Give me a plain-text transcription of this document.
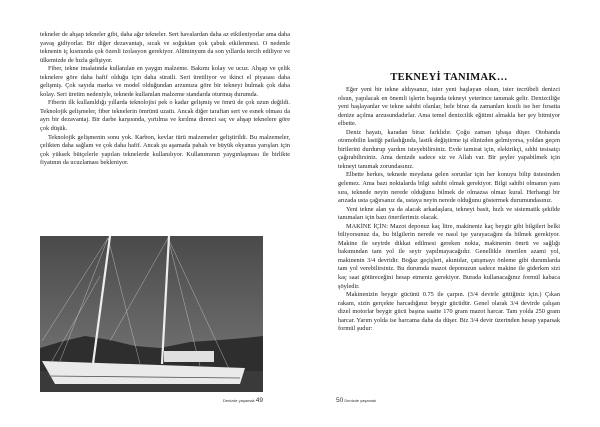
tekneler de ahşap tekneler gibi, daha ağır tekneler. Sert havalardan daha az etkileniyorlar ama daha yavaş gidiyorlar. Bir diğer dezavantajı, sıcak ve soğuktan çok çabuk etkilenmesi. O nedenle teknenin iç kısmında çok özenli izolasyon gerekiyor. Alüminyum da son yıllarda tercih ediliyor ve ülkemizde de hızla gelişiyor.

Fiber, tekne imalatında kullanılan en yaygın malzeme. Bakımı kolay ve ucuz. Ahşap ve çelik teknelere göre daha hafif olduğu için daha süratli. Seri üretiliyor ve ikinci el piyasası daha gelişmiş. Çok sayıda marka ve model olduğundan arzunuza göre bir tekneyi bulmak çok daha kolay. Seri üretim nedeniyle, teknede kullanılan malzeme standarda oturmuş durumda.

Fiberin ilk kullanıldığı yıllarda teknolojisi pek o kadar gelişmiş ve ömrü de çok uzun değildi. Teknolojik gelişmeler, fiber teknelerin ömrünü uzattı. Ancak diğer taraftan sert ve esnek olması da ayrı bir dezavantaj. Bir darbe karşısında, yırtılma ve kırılma direnci saç ve ahşap teknelere göre çok düşük.

Teknolojik gelişmenin sonu yok. Karbon, kevlar türü malzemeler geliştirildi. Bu malzemeler, çelikten daha sağlam ve çok daha hafif. Ancak şu aşamada pahalı ve büyük okyanus yarışları için çok yüksek bütçelerle yapılan teknelerde kullanılıyor. Kullanımının yaygınlaşması ile birlikte fiyatının da ucuzlaması bekleniyor.

Denizde yaşamak 49
TEKNEYİ TANIMAK…

Eğer yeni bir tekne aldıysanız, ister yeni başlayan olsun, ister tecrübeli denizci olsun, yapılacak en önemli işlerin başında tekneyi yeterince tanımak gelir. Denizciliğe yeni başlayanlar ve tekne sahibi olanlar, hele biraz da zamanları kısıtlı ise her fırsatta denize açılma arzusundadırlar. Ama temel denizcilik eğitimi almakla her şey bitmiyor elbette.

Deniz hayatı, karadan biraz farklıdır. Çoğu zaman işbaşa düşer. Otobanda otomobilin lastiği patladığında, lastik değiştirme işi elinizden gelmiyorsa, yoldan geçen birilerini durdurup yardım isteyebilirsiniz. Evde tamirat için, elektrikçi, sıhhi tesisatçı çağırabilirsiniz. Ama denizde sadece siz ve Allah var. Bir şeyler yapabilmek için tekneyi tanımak zorundasınız.

Elbette herkes, teknede meydana gelen sorunlar için her konuyu bilip üstesinden gelemez. Ama bazı noktalarda bilgi sahibi olmak gerekiyor. Bilgi sahibi olmanın yanı sıra, teknede neyin nerede olduğunu bilmek de olmazsa olmaz kural. Herhangi bir arızada usta çağırsanız da, ustaya neyin nerede olduğunu göstermek durumundasınız.

Yeni tekne alan ya da alacak arkadaşlara, tekneyi basit, hızlı ve sistematik şekilde tanımaları için bazı önerilerimiz olacak.

MAKİNE İÇİN: Mazot deponuz kaç litre, makineniz kaç beygir gibi bilgileri belki biliyorsunuz da, bu bilgilerin nerede ve nasıl işe yarayacağını da bilmek gerekiyor. Makine ile seyirde dikkat edilmesi gereken nokta, makinenin ömrü ve sağlığı bakımından tam yol ile seyir yapılmayacağıdır. Genellikle önerilen azami yol, makinenin 3/4 devridir. Boğaz geçişleri, akıntılar, çatışmayı önleme gibi durumlarda tam yol verebilirsiniz. Bu durumda mazot deponuzun sadece makine ile giderken sizi kaç saat götüreceğini hesap etmeniz gerekiyor. Burada kullanacağınız formül kabaca şöyledir.

Makinenizin beygir gücünü 0.75 ile çarpın. (3/4 devirle gittiğiniz için.) Çıkan rakam, sizin gerçekte harcadığınız beygir gücüdür. Genel olarak 3/4 devirde çalışan dizel motorlar beygir gücü başına saatte 170 gram mazot harcar. Tam yolda 250 gram harcar. Yarım yolda ise harcama daha da düşer. Biz 3/4 devir üzerinden hesap yaparsak formül şudur:

50 Denizde yaşamak
